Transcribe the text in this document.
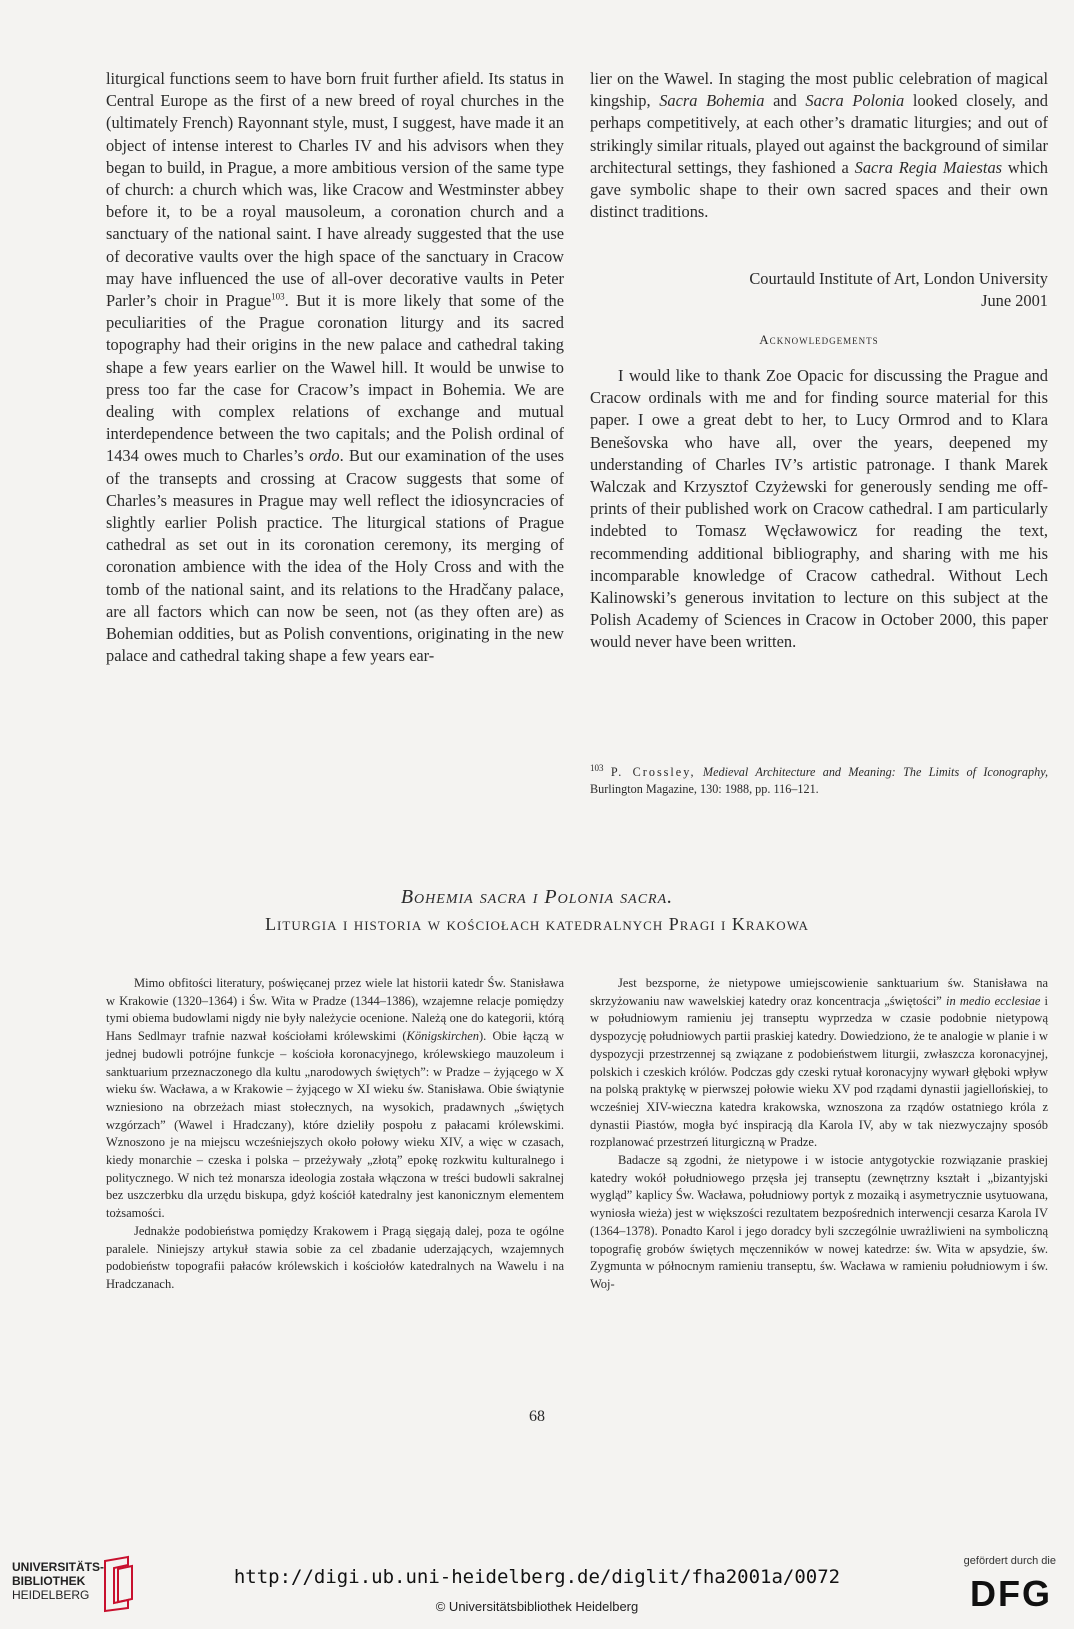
liturgical functions seem to have born fruit further afield. Its status in Central Europe as the first of a new breed of royal churches in the (ultimately French) Rayonnant style, must, I suggest, have made it an object of intense interest to Charles IV and his advisors when they began to build, in Prague, a more ambitious version of the same type of church: a church which was, like Cracow and Westminster abbey before it, to be a royal mausoleum, a coronation church and a sanctuary of the national saint. I have already suggested that the use of decorative vaults over the high space of the sanctuary in Cracow may have influenced the use of all-over decorative vaults in Peter Parler’s choir in Prague$^{103}$. But it is more likely that some of the peculiarities of the Prague coronation liturgy and its sacred topography had their origins in the new palace and cathedral taking shape a few years earlier on the Wawel hill. It would be unwise to press too far the case for Cracow’s impact in Bohemia. We are dealing with complex relations of exchange and mutual interdependence between the two capitals; and the Polish ordinal of 1434 owes much to Charles’s ordo. But our examination of the uses of the transepts and crossing at Cracow suggests that some of Charles’s measures in Prague may well reflect the idiosyncracies of slightly earlier Polish practice. The liturgical stations of Prague cathedral as set out in its coronation ceremony, its merging of coronation ambience with the idea of the Holy Cross and with the tomb of the national saint, and its relations to the Hradčany palace, are all factors which can now be seen, not (as they often are) as Bohemian oddities, but as Polish conventions, originating in the new palace and cathedral taking shape a few years ear-

lier on the Wawel. In staging the most public celebration of magical kingship, Sacra Bohemia and Sacra Polonia looked closely, and perhaps competitively, at each other’s dramatic liturgies; and out of strikingly similar rituals, played out against the background of similar architectural settings, they fashioned a Sacra Regia Maiestas which gave symbolic shape to their own sacred spaces and their own distinct traditions.

Courtauld Institute of Art, London University
June 2001
Acknowledgements
I would like to thank Zoe Opacic for discussing the Prague and Cracow ordinals with me and for finding source material for this paper. I owe a great debt to her, to Lucy Ormrod and to Klara Benešovska who have all, over the years, deepened my understanding of Charles IV’s artistic patronage. I thank Marek Walczak and Krzysztof Czyżewski for generously sending me off-prints of their published work on Cracow cathedral. I am particularly indebted to Tomasz Węcławowicz for reading the text, recommending additional bibliography, and sharing with me his incomparable knowledge of Cracow cathedral. Without Lech Kalinowski’s generous invitation to lecture on this subject at the Polish Academy of Sciences in Cracow in October 2000, this paper would never have been written.
$^{103}$ P. Crossley, Medieval Architecture and Meaning: The Limits of Iconography, Burlington Magazine, 130: 1988, pp. 116–121.
Bohemia sacra i Polonia sacra.
Liturgia i historia w kościołach katedralnych Pragi i Krakowa

Mimo obfitości literatury, poświęcanej przez wiele lat historii katedr Św. Stanisława w Krakowie (1320–1364) i Św. Wita w Pradze (1344–1386), wzajemne relacje pomiędzy tymi obiema budowlami nigdy nie były należycie ocenione. Należą one do kategorii, którą Hans Sedlmayr trafnie nazwał kościołami królewskimi (Königskirchen). Obie łączą w jednej budowli potrójne funkcje – kościoła koronacyjnego, królewskiego mauzoleum i sanktuarium przeznaczonego dla kultu „narodowych świętych”: w Pradze – żyjącego w X wieku św. Wacława, a w Krakowie – żyjącego w XI wieku św. Stanisława. Obie świątynie wzniesiono na obrzeżach miast stołecznych, na wysokich, pradawnych „świętych wzgórzach” (Wawel i Hradczany), które dzieliły pospołu z pałacami królewskimi. Wznoszono je na miejscu wcześniejszych około połowy wieku XIV, a więc w czasach, kiedy monarchie – czeska i polska – przeżywały „złotą” epokę rozkwitu kulturalnego i politycznego. W nich też monarsza ideologia została włączona w treści budowli sakralnej bez uszczerbku dla urzędu biskupa, gdyż kościół katedralny jest kanonicznym elementem tożsamości.

Jednakże podobieństwa pomiędzy Krakowem i Pragą sięgają dalej, poza te ogólne paralele. Niniejszy artykuł stawia sobie za cel zbadanie uderzających, wzajemnych podobieństw topografii pałaców królewskich i kościołów katedralnych na Wawelu i na Hradczanach.

Jest bezsporne, że nietypowe umiejscowienie sanktuarium św. Stanisława na skrzyżowaniu naw wawelskiej katedry oraz koncentracja „świętości” in medio ecclesiae i w południowym ramieniu jej transeptu wyprzedza w czasie podobnie nietypową dyspozycję południowych partii praskiej katedry. Dowiedziono, że te analogie w planie i w dyspozycji przestrzennej są związane z podobieństwem liturgii, zwłaszcza koronacyjnej, polskich i czeskich królów. Podczas gdy czeski rytuał koronacyjny wywarł głęboki wpływ na polską praktykę w pierwszej połowie wieku XV pod rządami dynastii jagiellońskiej, to wcześniej XIV-wieczna katedra krakowska, wznoszona za rządów ostatniego króla z dynastii Piastów, mogła być inspiracją dla Karola IV, aby w tak niezwyczajny sposób rozplanować przestrzeń liturgiczną w Pradze.

Badacze są zgodni, że nietypowe i w istocie antygotyckie rozwiązanie praskiej katedry wokół południowego przęsła jej transeptu (zewnętrzny kształt i „bizantyjski wygląd” kaplicy Św. Wacława, południowy portyk z mozaiką i asymetrycznie usytuowana, wyniosła wieża) jest w większości rezultatem bezpośrednich interwencji cesarza Karola IV (1364–1378). Ponadto Karol i jego doradcy byli szczególnie uwrażliwieni na symboliczną topografię grobów świętych męczenników w nowej katedrze: św. Wita w apsydzie, św. Zygmunta w północnym ramieniu transeptu, św. Wacława w ramieniu południowym i św. Woj-

68
UNIVERSITÄTS-
BIBLIOTHEK
HEIDELBERG
http://digi.ub.uni-heidelberg.de/diglit/fha2001a/0072
© Universitätsbibliothek Heidelberg
gefördert durch die
DFG
